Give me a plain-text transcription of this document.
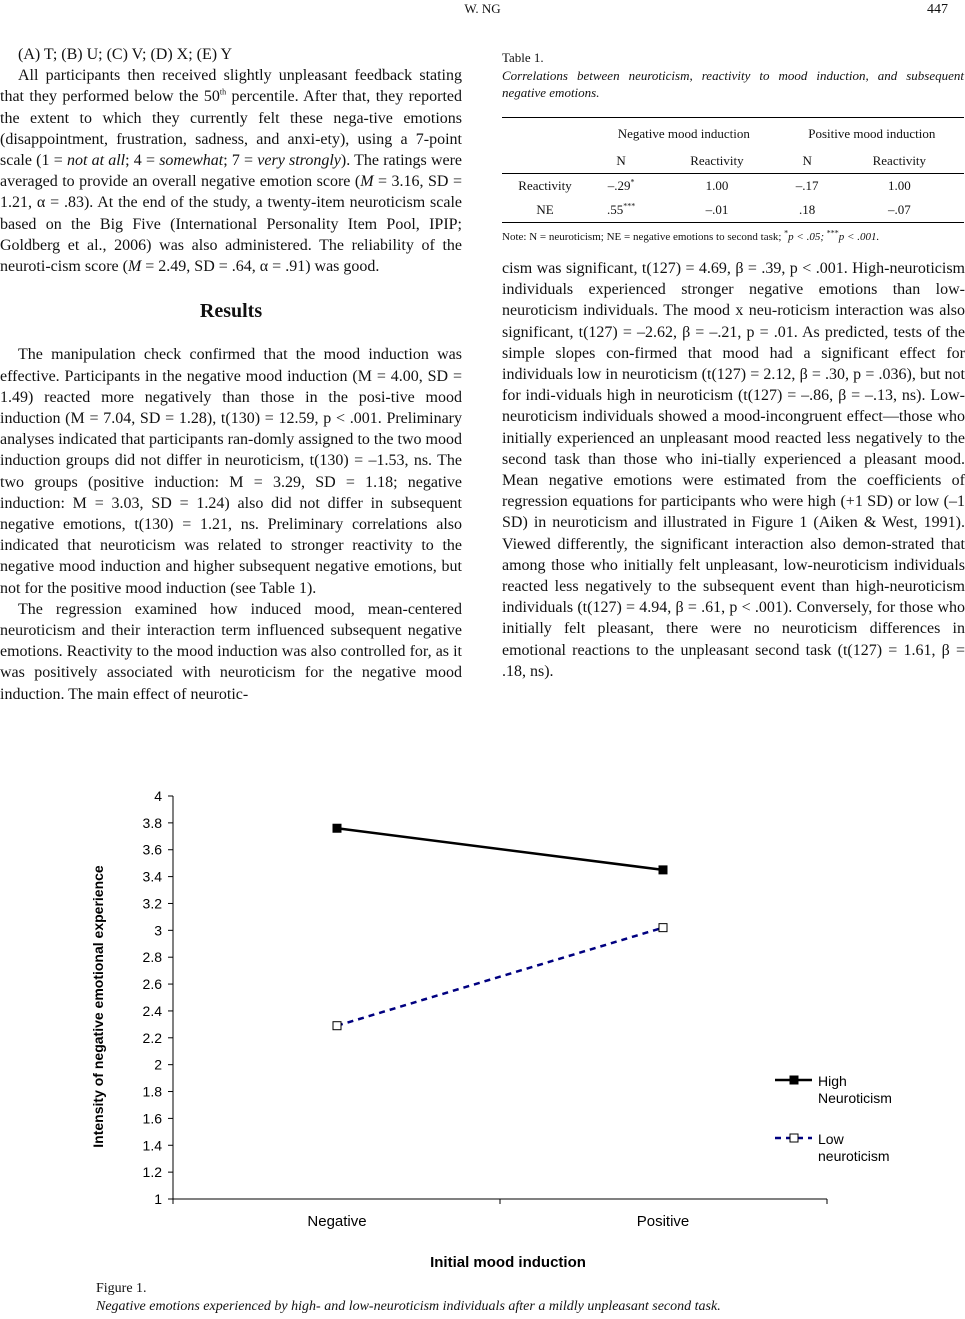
W. NG	447

(A) T; (B) U; (C) V; (D) X; (E) Y

All participants then received slightly unpleasant feedback stating that they performed below the 50th percentile. After that, they reported the extent to which they currently felt these nega-tive emotions (disappointment, frustration, sadness, and anxi-ety), using a 7-point scale (1 = not at all; 4 = somewhat; 7 = very strongly). The ratings were averaged to provide an overall negative emotion score (M = 3.16, SD = 1.21, α = .83). At the end of the study, a twenty-item neuroticism scale based on the Big Five (International Personality Item Pool, IPIP; Goldberg et al., 2006) was also administered. The reliability of the neuroti-cism score (M = 2.49, SD = .64, α = .91) was good.

Results

The manipulation check confirmed that the mood induction was effective. Participants in the negative mood induction (M = 4.00, SD = 1.49) reacted more negatively than those in the posi-tive mood induction (M = 7.04, SD = 1.28), t(130) = 12.59, p < .001. Preliminary analyses indicated that participants ran-domly assigned to the two mood induction groups did not differ in neuroticism, t(130) = –1.53, ns. The two groups (positive induction: M = 3.29, SD = 1.18; negative induction: M = 3.03, SD = 1.24) also did not differ in subsequent negative emotions, t(130) = 1.21, ns. Preliminary correlations also indicated that neuroticism was related to stronger reactivity to the negative mood induction and higher subsequent negative emotions, but not for the positive mood induction (see Table 1).

The regression examined how induced mood, mean-centered neuroticism and their interaction term influenced subsequent negative emotions. Reactivity to the mood induction was also controlled for, as it was positively associated with neuroticism for the negative mood induction. The main effect of neurotic-

Table 1.
Correlations between neuroticism, reactivity to mood induction, and subsequent negative emotions.
	Negative mood induction		Positive mood induction	
	N	Reactivity	N	Reactivity
Reactivity	–.29*	1.00	–.17	1.00
NE	.55***	–.01	.18	–.07
Note: N = neuroticism; NE = negative emotions to second task; *p < .05; ***p < .001.

cism was significant, t(127) = 4.69, β = .39, p < .001. High-neuroticism individuals experienced stronger negative emotions than low-neuroticism individuals. The mood x neu-roticism interaction was also significant, t(127) = –2.62, β = –.21, p = .01. As predicted, tests of the simple slopes con-firmed that mood had a significant effect for individuals low in neuroticism (t(127) = 2.12, β = .30, p = .036), but not for indi-viduals high in neuroticism (t(127) = –.86, β = –.13, ns). Low-neuroticism individuals showed a mood-incongruent effect—those who initially experienced an unpleasant mood reacted less negatively to the second task than those who ini-tially experienced a pleasant mood. Mean negative emotions were estimated from the coefficients of regression equations for participants who were high (+1 SD) or low (–1 SD) in neuroticism and illustrated in Figure 1 (Aiken & West, 1991). Viewed differently, the significant interaction also demon-strated that among those who initially felt unpleasant, low-neuroticism individuals reacted less negatively to the subsequent event than high-neuroticism individuals (t(127) = 4.94, β = .61, p < .001). Conversely, for those who initially felt pleasant, there were no neuroticism differences in emotional reactions to the unpleasant second task (t(127) = 1.61, β = .18, ns).

1
1.2
1.4
1.6
1.8
2
2.2
2.4
2.6
2.8
3
3.2
3.4
3.6
3.8
4
Negative	Positive
High
Neuroticism
Low
neuroticism
Intensity of negative emotional experience
Initial mood induction
Figure 1.
Negative emotions experienced by high- and low-neuroticism individuals after a mildly unpleasant second task.
